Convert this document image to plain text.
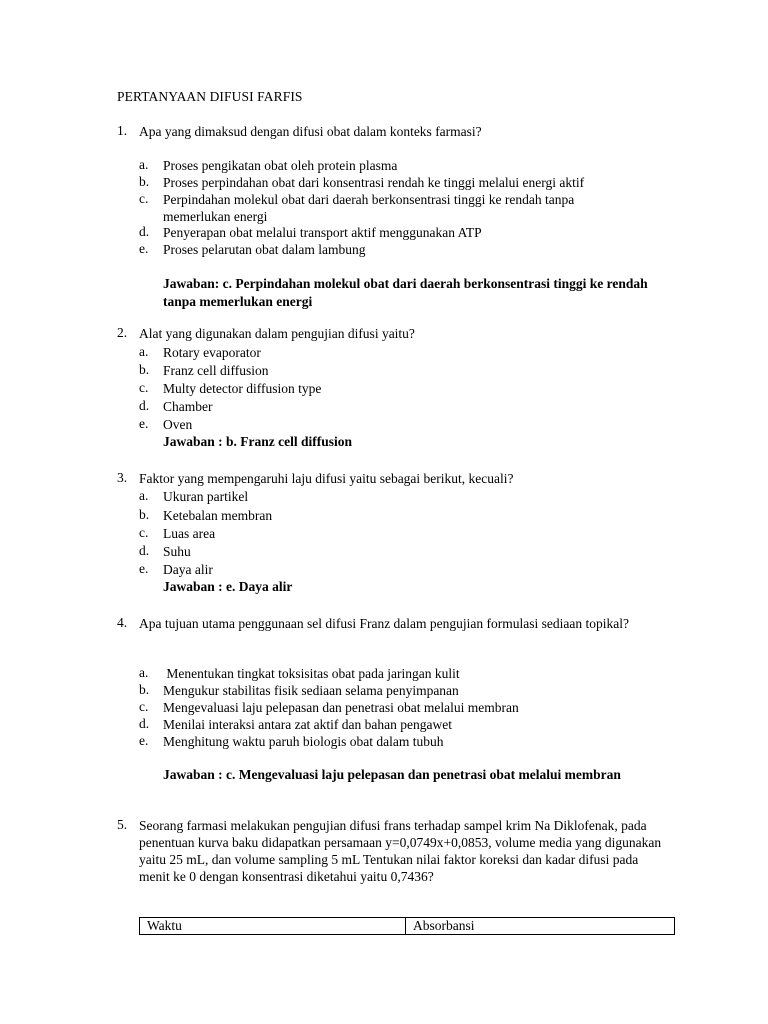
PERTANYAAN DIFUSI FARFIS
1. Apa yang dimaksud dengan difusi obat dalam konteks farmasi?
a. Proses pengikatan obat oleh protein plasma
b. Proses perpindahan obat dari konsentrasi rendah ke tinggi melalui energi aktif
c. Perpindahan molekul obat dari daerah berkonsentrasi tinggi ke rendah tanpa memerlukan energi
d. Penyerapan obat melalui transport aktif menggunakan ATP
e. Proses pelarutan obat dalam lambung
Jawaban: c. Perpindahan molekul obat dari daerah berkonsentrasi tinggi ke rendah tanpa memerlukan energi
2. Alat yang digunakan dalam pengujian difusi yaitu?
a. Rotary evaporator
b. Franz cell diffusion
c. Multy detector diffusion type
d. Chamber
e. Oven
Jawaban : b. Franz cell diffusion
3. Faktor yang mempengaruhi laju difusi yaitu sebagai berikut, kecuali?
a. Ukuran partikel
b. Ketebalan membran
c. Luas area
d. Suhu
e. Daya alir
Jawaban : e. Daya alir
4. Apa tujuan utama penggunaan sel difusi Franz dalam pengujian formulasi sediaan topikal?
a. Menentukan tingkat toksisitas obat pada jaringan kulit
b. Mengukur stabilitas fisik sediaan selama penyimpanan
c. Mengevaluasi laju pelepasan dan penetrasi obat melalui membran
d. Menilai interaksi antara zat aktif dan bahan pengawet
e. Menghitung waktu paruh biologis obat dalam tubuh
Jawaban : c. Mengevaluasi laju pelepasan dan penetrasi obat melalui membran
5. Seorang farmasi melakukan pengujian difusi frans terhadap sampel krim Na Diklofenak, pada penentuan kurva baku didapatkan persamaan y=0,0749x+0,0853, volume media yang digunakan yaitu 25 mL, dan volume sampling 5 mL Tentukan nilai faktor koreksi dan kadar difusi pada menit ke 0 dengan konsentrasi diketahui yaitu 0,7436?
Waktu	Absorbansi
